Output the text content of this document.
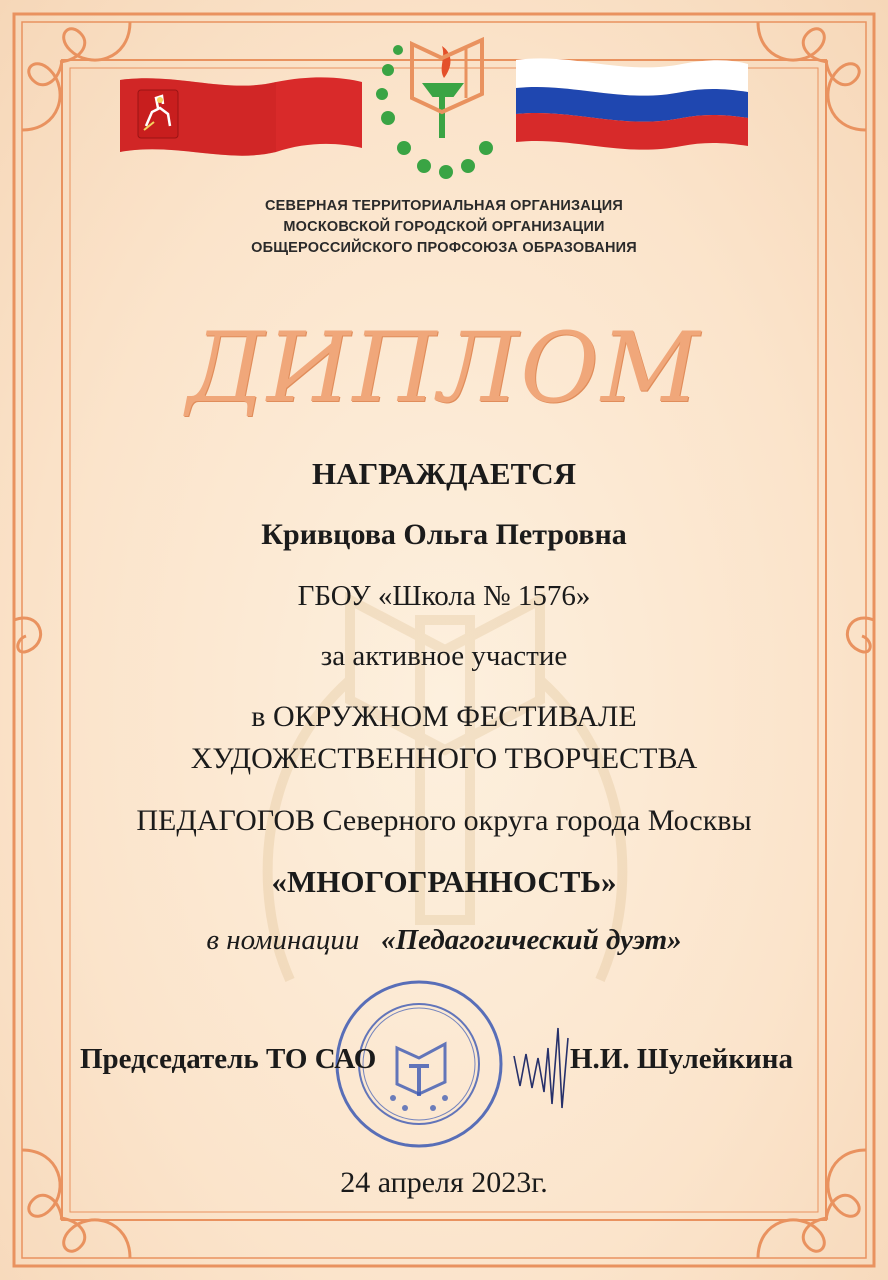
СЕВЕРНАЯ ТЕРРИТОРИАЛЬНАЯ ОРГАНИЗАЦИЯ
МОСКОВСКОЙ ГОРОДСКОЙ ОРГАНИЗАЦИИ
ОБЩЕРОССИЙСКОГО ПРОФСОЮЗА ОБРАЗОВАНИЯ
ДИПЛОМ
НАГРАЖДАЕТСЯ
Кривцова Ольга Петровна
ГБОУ «Школа № 1576»
за активное участие
в ОКРУЖНОМ ФЕСТИВАЛЕ
ХУДОЖЕСТВЕННОГО ТВОРЧЕСТВА
ПЕДАГОГОВ Северного округа города Москвы
«МНОГОГРАННОСТЬ»
в номинации «Педагогический дуэт»
Председатель ТО САО	Н.И. Шулейкина
24 апреля 2023г.
